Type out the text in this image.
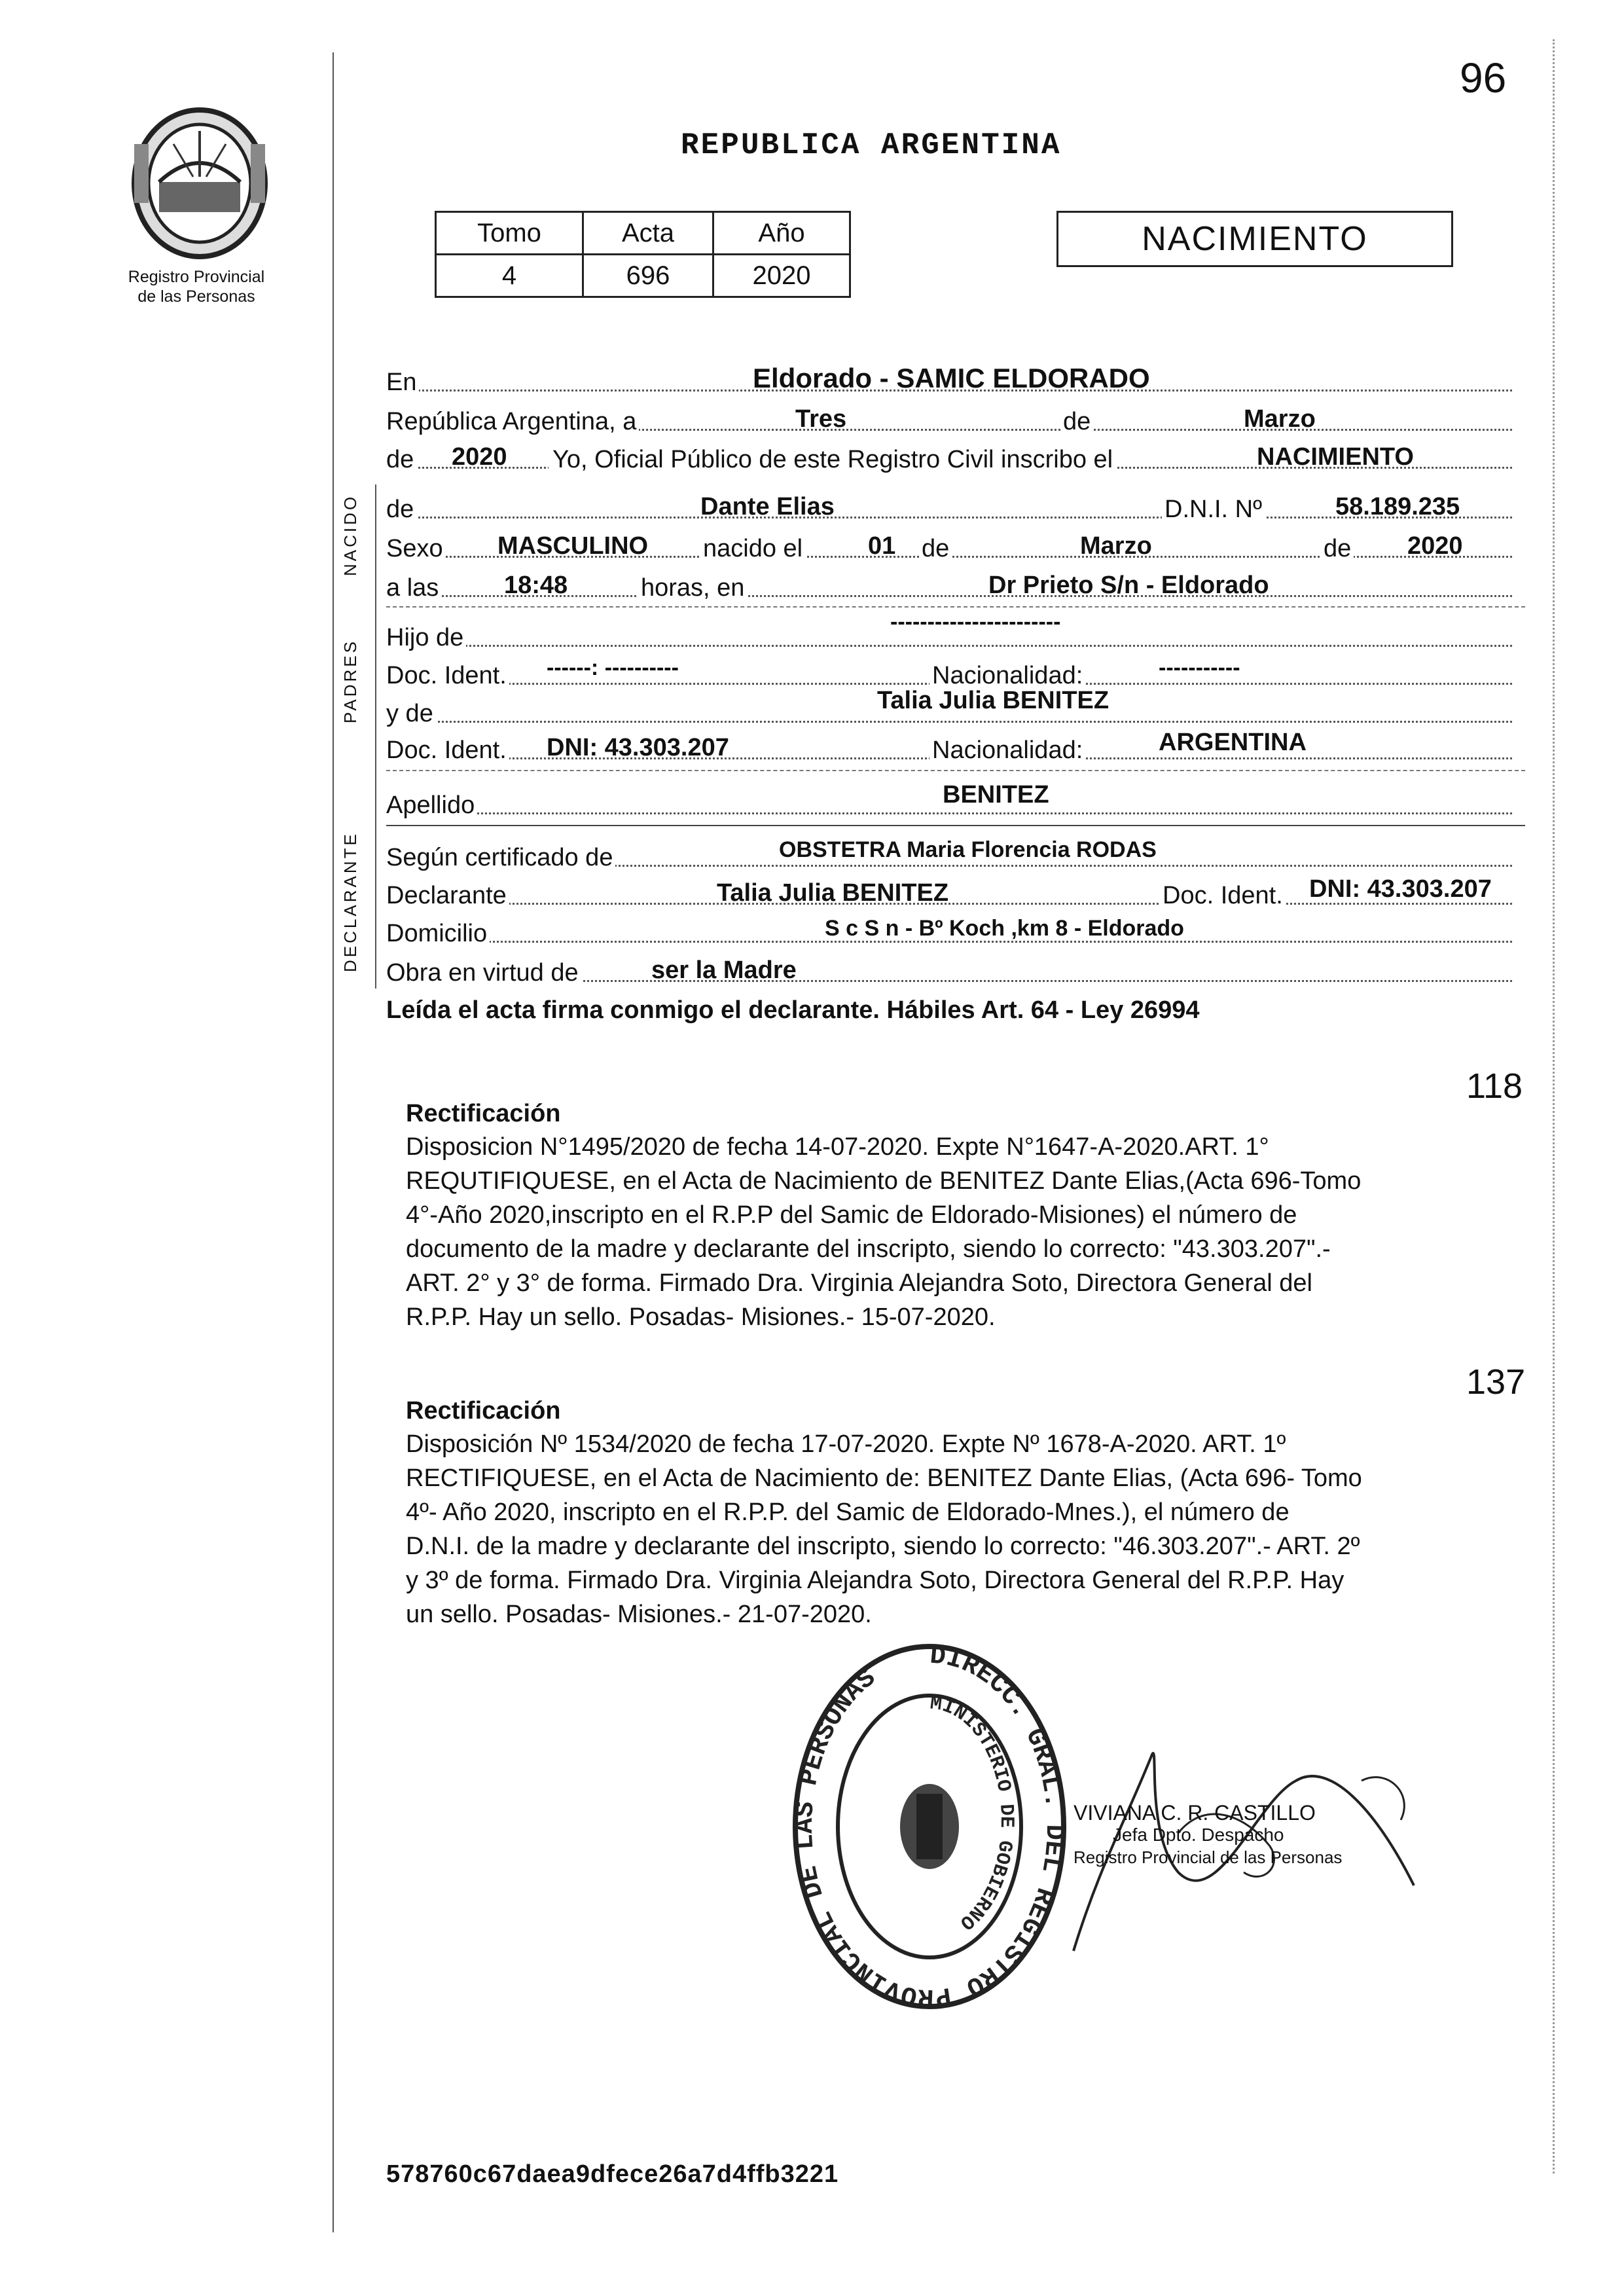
96
Registro Provincial
de las Personas
REPUBLICA ARGENTINA
Tomo	Acta	Año
4	696	2020
NACIMIENTO
NACIDO
PADRES
DECLARANTE
En	Eldorado - SAMIC ELDORADO
República Argentina, a	Tres	de	Marzo
de 2020 Yo, Oficial Público de este Registro Civil inscribo el	NACIMIENTO
de	Dante Elias	D.N.I. Nº	58.189.235
Sexo MASCULINO nacido el	01 de	Marzo	de 2020
a las	18:48	horas, en	Dr Prieto S/n - Eldorado
Hijo de
-----------------------
Doc. Ident. ------: ----------	Nacionalidad:	-----------
y de	Talia Julia BENITEZ
Doc. Ident. DNI: 43.303.207	Nacionalidad:	ARGENTINA
Apellido	BENITEZ
Según certificado de	OBSTETRA Maria Florencia RODAS
Declarante	Talia Julia BENITEZ	Doc. Ident. DNI: 43.303.207
Domicilio	S c S n - Bº Koch ,km 8 - Eldorado
Obra en virtud de	ser la Madre
Leída el acta firma conmigo el declarante. Hábiles Art. 64 - Ley 26994
118
Rectificación
Disposicion N°1495/2020 de fecha 14-07-2020. Expte N°1647-A-2020.ART. 1°
REQUTIFIQUESE, en el Acta de Nacimiento de BENITEZ Dante Elias,(Acta 696-Tomo
4°-Año 2020,inscripto en el R.P.P del Samic de Eldorado-Misiones) el número de
documento de la madre y declarante del inscripto, siendo lo correcto: "43.303.207".-
ART. 2° y 3° de forma. Firmado Dra. Virginia Alejandra Soto, Directora General del
R.P.P. Hay un sello. Posadas- Misiones.- 15-07-2020.
137
Rectificación
Disposición Nº 1534/2020 de fecha 17-07-2020. Expte Nº 1678-A-2020. ART. 1º
RECTIFIQUESE, en el Acta de Nacimiento de: BENITEZ Dante Elias, (Acta 696- Tomo
4º- Año 2020, inscripto en el R.P.P. del Samic de Eldorado-Mnes.), el número de
D.N.I. de la madre y declarante del inscripto, siendo lo correcto: "46.303.207".- ART. 2º
y 3º de forma. Firmado Dra. Virginia Alejandra Soto, Directora General del R.P.P. Hay
un sello. Posadas- Misiones.- 21-07-2020.
DIRECC. GRAL. DEL REGISTRO PROVINCIAL DE LAS PERSONAS
MINISTERIO DE GOBIERNO
VIVIANA C. R. CASTILLO
Jefa Dpto. Despacho
Registro Provincial de las Personas
578760c67daea9dfece26a7d4ffb3221
